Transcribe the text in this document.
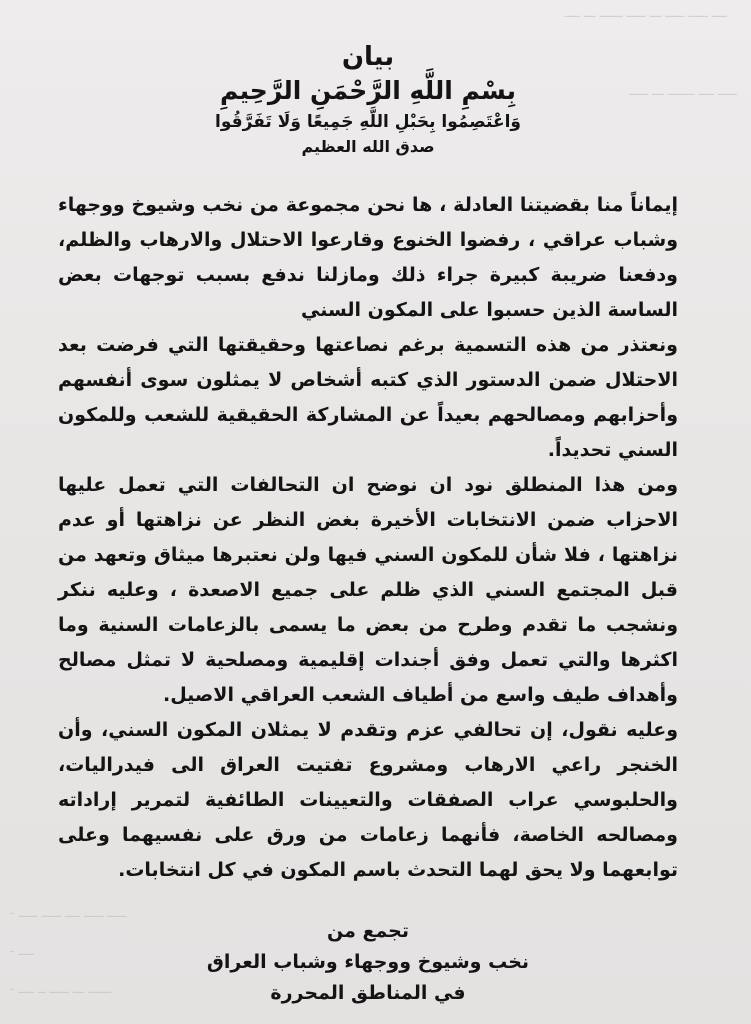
ــــ ـــــ ـــــ ـــ ـــــ ــــــ ـــ ــــ
ـــــ ــــ ـــــــ ـــ ـــــ
- ـــــ ـــــ ــــ ـــــ ـــــ
- ــــ
- ــــــ ـــ ـــــ ــ ــــ
بيان
بِسْمِ اللَّهِ الرَّحْمَنِ الرَّحِيمِ
وَاعْتَصِمُوا بِحَبْلِ اللَّهِ جَمِيعًا وَلَا تَفَرَّقُوا
صدق الله العظيم

إيماناً منا بقضيتنا العادلة ، ها نحن مجموعة من نخب وشيوخ ووجهاء وشباب عراقي ، رفضوا الخنوع وقارعوا الاحتلال والارهاب والظلم، ودفعنا ضريبة كبيرة جراء ذلك ومازلنا ندفع بسبب توجهات بعض الساسة الذين حسبوا على المكون السني

ونعتذر من هذه التسمية برغم نصاعتها وحقيقتها التي فرضت بعد الاحتلال ضمن الدستور الذي كتبه أشخاص لا يمثلون سوى أنفسهم وأحزابهم ومصالحهم بعيداً عن المشاركة الحقيقية للشعب وللمكون السني تحديداً.

ومن هذا المنطلق نود ان نوضح ان التحالفات التي تعمل عليها الاحزاب ضمن الانتخابات الأخيرة بغض النظر عن نزاهتها أو عدم نزاهتها ، فلا شأن للمكون السني فيها ولن نعتبرها ميثاق وتعهد من قبل المجتمع السني الذي ظلم على جميع الاصعدة ، وعليه ننكر ونشجب ما تقدم وطرح من بعض ما يسمى بالزعامات السنية وما اكثرها والتي تعمل وفق أجندات إقليمية ومصلحية لا تمثل مصالح وأهداف طيف واسع من أطياف الشعب العراقي الاصيل.

وعليه نقول، إن تحالفي عزم وتقدم لا يمثلان المكون السني، وأن الخنجر راعي الارهاب ومشروع تفتيت العراق الى فيدراليات، والحلبوسي عراب الصفقات والتعيينات الطائفية لتمرير إراداته ومصالحه الخاصة، فأنهما زعامات من ورق على نفسيهما وعلى توابعهما ولا يحق لهما التحدث باسم المكون في كل انتخابات.

تجمع من
نخب وشيوخ ووجهاء وشباب العراق
في المناطق المحررة
